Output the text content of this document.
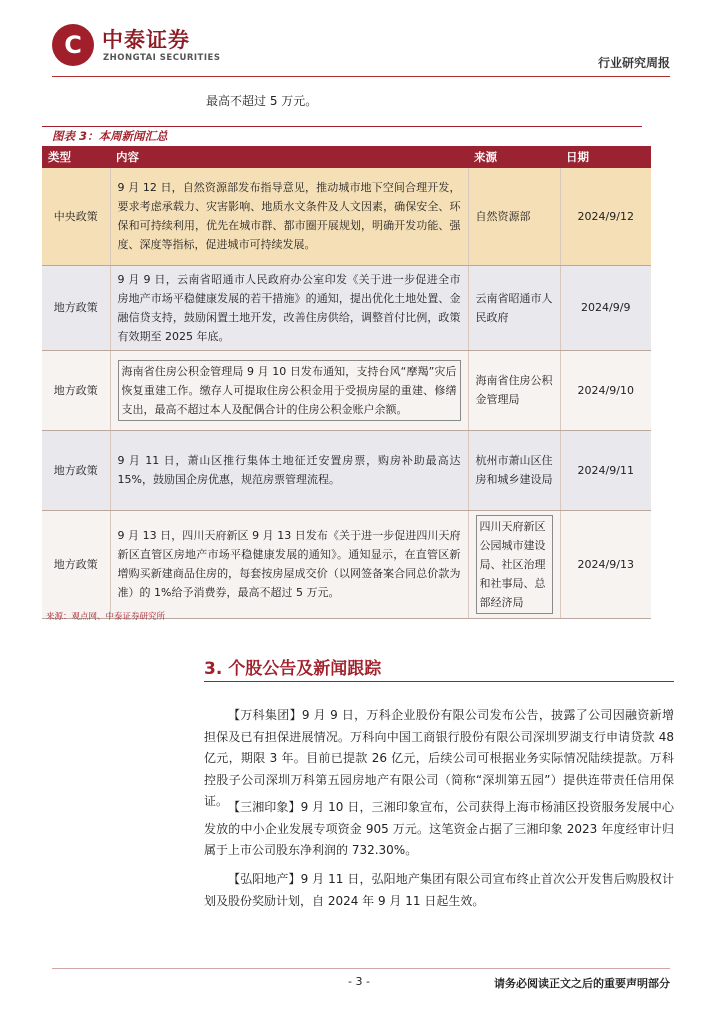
C 中泰证券
ZHONGTAI SECURITIES	行业研究周报
最高不超过 5 万元。
图表 3：本周新闻汇总
类型	内容	来源	日期
中央政策	9 月 12 日，自然资源部发布指导意见，推动城市地下空间合理开发，要求考虑承载力、灾害影响、地质水文条件及人文因素，确保安全、环保和可持续利用，优先在城市群、都市圈开展规划，明确开发功能、强度、深度等指标，促进城市可持续发展。	自然资源部	2024/9/12
地方政策	9 月 9 日，云南省昭通市人民政府办公室印发《关于进一步促进全市房地产市场平稳健康发展的若干措施》的通知，提出优化土地处置、金融信贷支持，鼓励闲置土地开发，改善住房供给，调整首付比例，政策有效期至 2025 年底。	云南省昭通市人民政府	2024/9/9
地方政策	海南省住房公积金管理局 9 月 10 日发布通知，支持台风“摩羯”灾后恢复重建工作。缴存人可提取住房公积金用于受损房屋的重建、修缮支出，最高不超过本人及配偶合计的住房公积金账户余额。	海南省住房公积金管理局	2024/9/10
地方政策	9 月 11 日，萧山区推行集体土地征迁安置房票，购房补助最高达 15%，鼓励国企房优惠，规范房票管理流程。	杭州市萧山区住房和城乡建设局	2024/9/11
地方政策	9 月 13 日，四川天府新区 9 月 13 日发布《关于进一步促进四川天府新区直管区房地产市场平稳健康发展的通知》。通知显示，在直管区新增购买新建商品住房的，每套按房屋成交价（以网签备案合同总价款为准）的 1%给予消费券，最高不超过 5 万元。	四川天府新区公园城市建设局、社区治理和社事局、总部经济局	2024/9/13
来源：观点网、中泰证券研究所
3. 个股公告及新闻跟踪
【万科集团】9 月 9 日，万科企业股份有限公司发布公告，披露了公司因融资新增担保及已有担保进展情况。万科向中国工商银行股份有限公司深圳罗湖支行申请贷款 48 亿元，期限 3 年。目前已提款 26 亿元，后续公司可根据业务实际情况陆续提款。万科控股子公司深圳万科第五园房地产有限公司（简称“深圳第五园”）提供连带责任信用保证。 【三湘印象】9 月 10 日，三湘印象宣布，公司获得上海市杨浦区投资服务发展中心发放的中小企业发展专项资金 905 万元。这笔资金占据了三湘印象 2023 年度经审计归属于上市公司股东净利润的 732.30%。
【弘阳地产】9 月 11 日，弘阳地产集团有限公司宣布终止首次公开发售后购股权计划及股份奖励计划，自 2024 年 9 月 11 日起生效。
- 3 -	请务必阅读正文之后的重要声明部分
